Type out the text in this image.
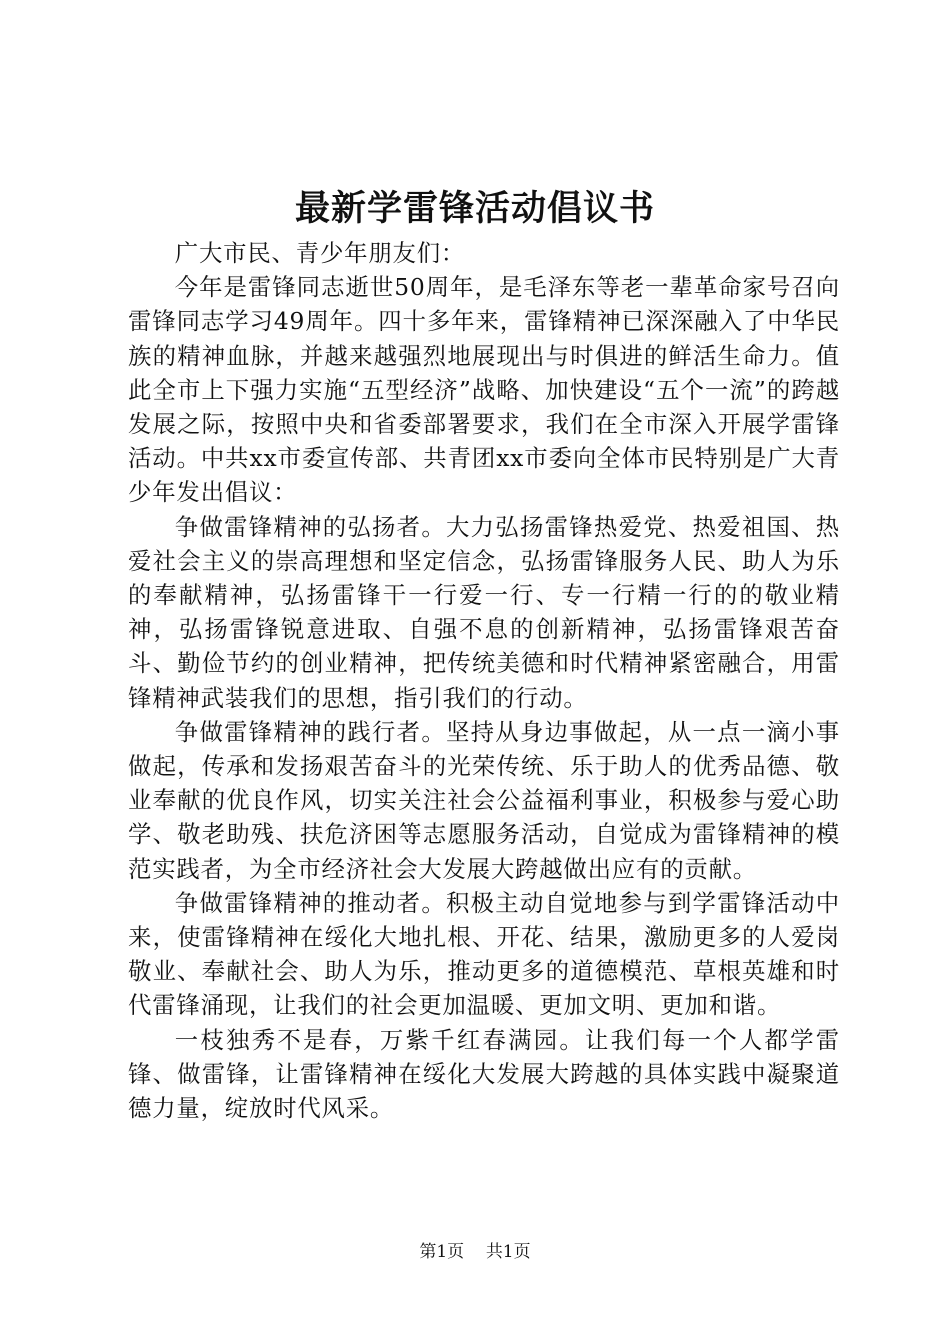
最新学雷锋活动倡议书

广大市民、青少年朋友们：

今年是雷锋同志逝世50周年，是毛泽东等老一辈革命家号召向雷锋同志学习49周年。四十多年来，雷锋精神已深深融入了中华民族的精神血脉，并越来越强烈地展现出与时俱进的鲜活生命力。值此全市上下强力实施“五型经济”战略、加快建设“五个一流”的跨越发展之际，按照中央和省委部署要求，我们在全市深入开展学雷锋活动。中共xx市委宣传部、共青团xx市委向全体市民特别是广大青少年发出倡议：

争做雷锋精神的弘扬者。大力弘扬雷锋热爱党、热爱祖国、热爱社会主义的崇高理想和坚定信念，弘扬雷锋服务人民、助人为乐的奉献精神，弘扬雷锋干一行爱一行、专一行精一行的的敬业精神，弘扬雷锋锐意进取、自强不息的创新精神，弘扬雷锋艰苦奋斗、勤俭节约的创业精神，把传统美德和时代精神紧密融合，用雷锋精神武装我们的思想，指引我们的行动。

争做雷锋精神的践行者。坚持从身边事做起，从一点一滴小事做起，传承和发扬艰苦奋斗的光荣传统、乐于助人的优秀品德、敬业奉献的优良作风，切实关注社会公益福利事业，积极参与爱心助学、敬老助残、扶危济困等志愿服务活动，自觉成为雷锋精神的模范实践者，为全市经济社会大发展大跨越做出应有的贡献。

争做雷锋精神的推动者。积极主动自觉地参与到学雷锋活动中来，使雷锋精神在绥化大地扎根、开花、结果，激励更多的人爱岗敬业、奉献社会、助人为乐，推动更多的道德模范、草根英雄和时代雷锋涌现，让我们的社会更加温暖、更加文明、更加和谐。

一枝独秀不是春，万紫千红春满园。让我们每一个人都学雷锋、做雷锋，让雷锋精神在绥化大发展大跨越的具体实践中凝聚道德力量，绽放时代风采。

第1页 共1页
